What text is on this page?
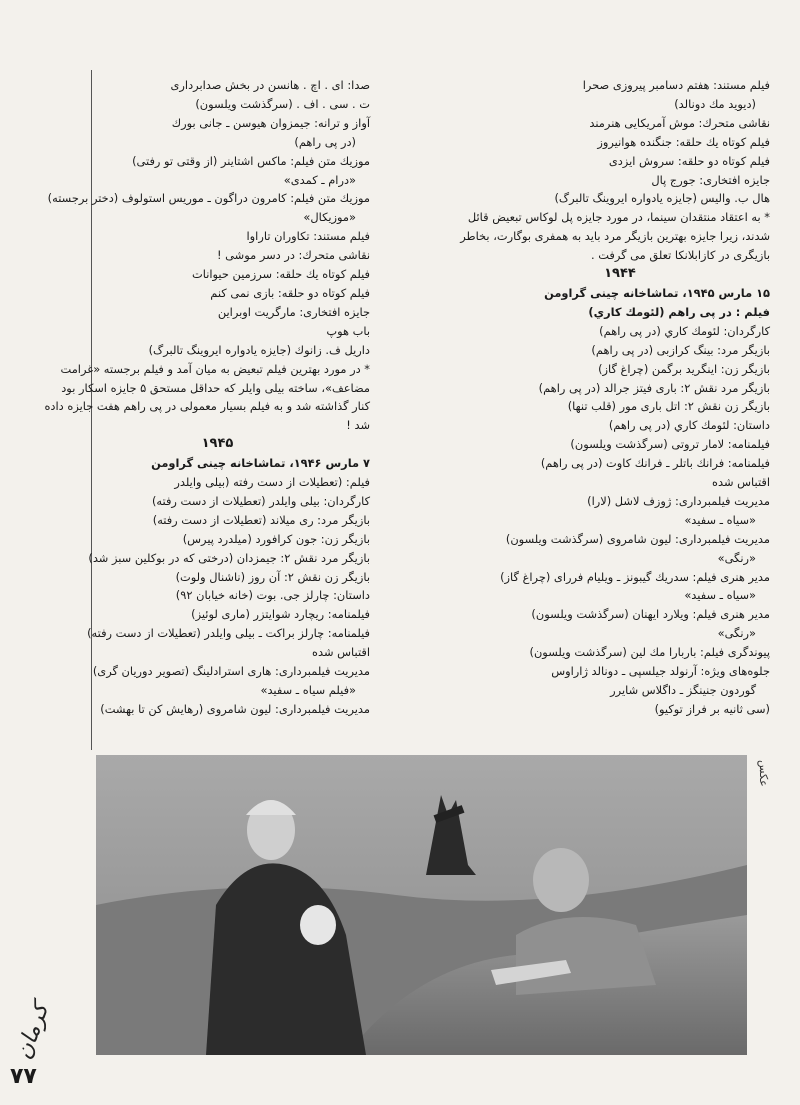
فیلم مستند: هفتم دسامبر پیروزی صحرا
(دیوید مك دونالد)
نقاشی متحرك: موش آمریکایی هنرمند
فیلم کوتاه یك حلقه: جنگنده هوانیروز
فیلم کوتاه دو حلقه: سروش ایزدی
جایزه افتخاری: جورج پال
هال ب. والیس (جایزه یادواره ایروینگ تالبرگ)
* به اعتقاد منتقدان سینما، در مورد جایزه پل لوکاس تبعیض قائل
شدند، زیرا جایزه بهترین بازیگر مرد باید به همفری بوگارت، بخاطر
بازیگری در کازابلانکا تعلق می گرفت .
۱۹۴۴
۱۵ مارس ۱۹۴۵، تماشاخانه چینی گراومن
فیلم : در پی راهم (لئومك كاري)
کارگردان: لئومك كاري (در پی راهم)
بازیگر مرد: بینگ کرازبی (در پی راهم)
بازیگر زن: اینگرید برگمن (چراغ گاز)
بازیگر مرد نقش ۲: باری فیتز جرالد (در پی راهم)
بازیگر زن نقش ۲: اتل باری مور (قلب تنها)
داستان: لئومك كاري (در پی راهم)
فیلمنامه: لامار تروتی (سرگذشت ویلسون)
فیلمنامه: فرانك باتلر ـ فرانك كاوت (در پی راهم)
اقتباس شده
مدیریت فیلمبرداری: ژوزف لاشل (لارا)
«سیاه ـ سفید»
مدیریت فیلمبرداری: لیون شامروی (سرگذشت ویلسون)
«رنگی»
مدیر هنری فیلم: سدریك گیبونز ـ ویلیام فررای (چراغ گاز)
«سیاه ـ سفید»
مدیر هنری فیلم: ویلارد ایهنان (سرگذشت ویلسون)
«رنگی»
پیوندگری فیلم: باربارا مك لین (سرگذشت ویلسون)
جلوه‌های ویژه: آرنولد جیلسپی ـ دونالد ژاراوس
گوردون جنینگز ـ داگلاس شایرر
(سی ثانیه بر فراز توکیو)
صدا: ای . اچ . هانسن در بخش صدابرداری
ت . سی . اف . (سرگذشت ویلسون)
آواز و ترانه: جیمزوان هیوسن ـ جانی بورك
(در پی راهم)
موزیك متن فیلم: ماکس اشتاینر (از وقتی تو رفتی)
«درام ـ کمدی»
موزیك متن فیلم: کامرون دراگون ـ موریس استولوف (دختر برجسته)
«موزیکال»
فیلم مستند: تکاوران تاراوا
نقاشی متحرك: در دسر موشی !
فیلم کوتاه یك حلقه: سرزمین حیوانات
فیلم کوتاه دو حلقه: بازی نمی کنم
جایزه افتخاری: مارگریت اوبراین
باب هوپ
داریل ف. زانوك (جایزه یادواره ایروینگ تالبرگ)
* در مورد بهترین فیلم تبعیض به میان آمد و فیلم برجسته «غرامت
مضاعف»، ساخته بیلی وایلر که حداقل مستحق ۵ جایزه اسکار بود
کنار گذاشته شد و به فیلم بسیار معمولی در پی راهم هفت جایزه داده
شد !
۱۹۴۵
۷ مارس ۱۹۴۶، تماشاخانه چینی گراومن
فیلم: (تعطیلات از دست رفته (بیلی وایلدر
کارگردان: بیلی وایلدر (تعطیلات از دست رفته)
بازیگر مرد: ری میلاند (تعطیلات از دست رفته)
بازیگر زن: جون کرافورد (میلدرد پیرس)
بازیگر مرد نقش ۲: جیمزدان (درختی که در بوکلین سبز شد)
بازیگر زن نقش ۲: آن روز (ناشنال ولوت)
داستان: چارلز جی. بوت (خانه خیابان ۹۲)
فیلمنامه: ریچارد شوایتزر (ماری لوئیز)
فیلمنامه: چارلز براکت ـ بیلی وایلدر (تعطیلات از دست رفته)
اقتباس شده
مدیریت فیلمبرداری: هاری استرادلینگ (تصویر دوریان گری)
«فیلم سیاه ـ سفید»
مدیریت فیلمبرداری: لیون شامروی (رهایش کن تا بهشت)
عکس
کرمان
۷۷
